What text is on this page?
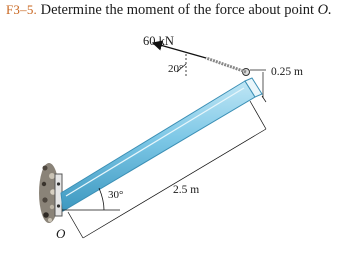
F3–5. Determine the moment of the force about point O.
60 kN
20°	0.25 m
2.5 m
30°
O
